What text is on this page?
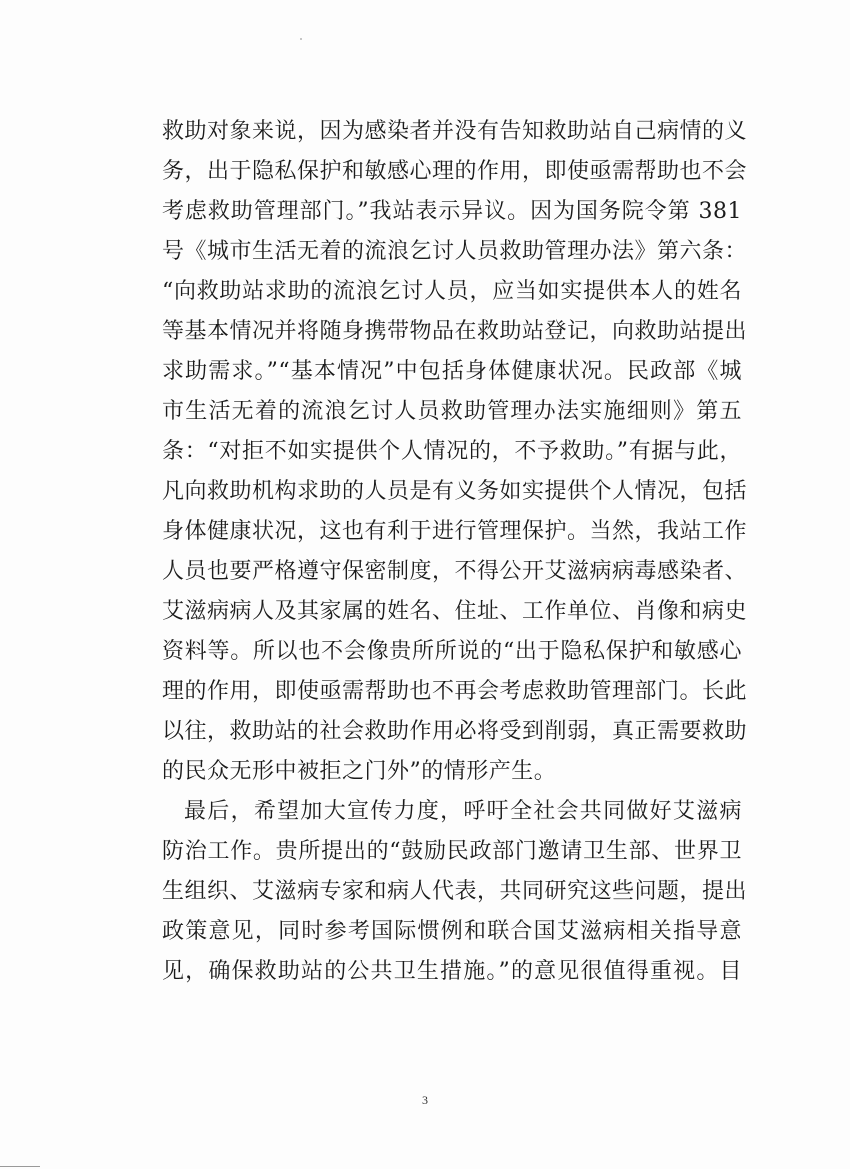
救助对象来说，因为感染者并没有告知救助站自己病情的义
务，出于隐私保护和敏感心理的作用，即使亟需帮助也不会
考虑救助管理部门。”我站表示异议。因为国务院令第 381
号《城市生活无着的流浪乞讨人员救助管理办法》第六条：
“向救助站求助的流浪乞讨人员，应当如实提供本人的姓名
等基本情况并将随身携带物品在救助站登记，向救助站提出
求助需求。”“基本情况”中包括身体健康状况。民政部《城
市生活无着的流浪乞讨人员救助管理办法实施细则》第五
条：“对拒不如实提供个人情况的，不予救助。”有据与此，
凡向救助机构求助的人员是有义务如实提供个人情况，包括
身体健康状况，这也有利于进行管理保护。当然，我站工作
人员也要严格遵守保密制度，不得公开艾滋病病毒感染者、
艾滋病病人及其家属的姓名、住址、工作单位、肖像和病史
资料等。所以也不会像贵所所说的“出于隐私保护和敏感心
理的作用，即使亟需帮助也不再会考虑救助管理部门。长此
以往，救助站的社会救助作用必将受到削弱，真正需要救助
的民众无形中被拒之门外”的情形产生。
最后，希望加大宣传力度，呼吁全社会共同做好艾滋病
防治工作。贵所提出的“鼓励民政部门邀请卫生部、世界卫
生组织、艾滋病专家和病人代表，共同研究这些问题，提出
政策意见，同时参考国际惯例和联合国艾滋病相关指导意
见，确保救助站的公共卫生措施。”的意见很值得重视。目
3
